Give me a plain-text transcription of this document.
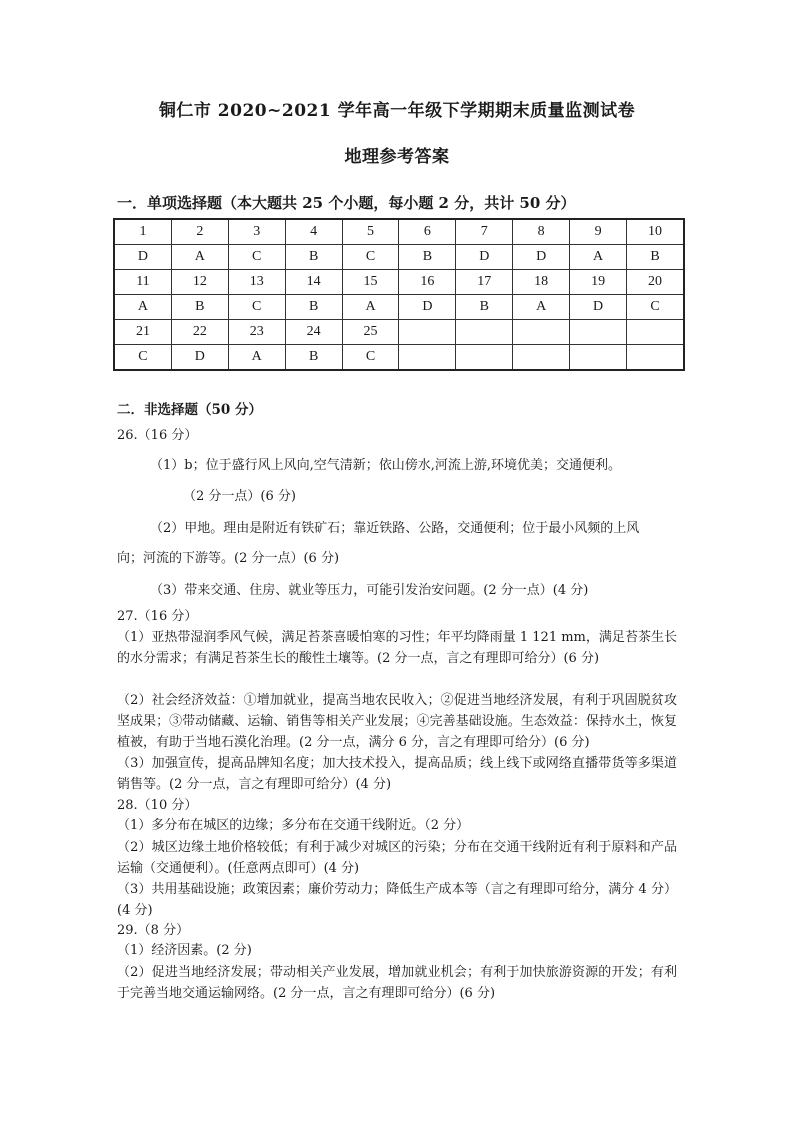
铜仁市 2020~2021 学年高一年级下学期期末质量监测试卷
地理参考答案
一．单项选择题（本大题共 25 个小题，每小题 2 分，共计 50 分）
1	2	3	4	5	6	7	8	9	10
D	A	C	B	C	B	D	D	A	B
11	12	13	14	15	16	17	18	19	20
A	B	C	B	A	D	B	A	D	C
21	22	23	24	25					
C	D	A	B	C					
二．非选择题（50 分）
26.（16 分）
（1）b；位于盛行风上风向,空气清新；依山傍水,河流上游,环境优美；交通便利。
（2 分一点）(6 分)
（2）甲地。理由是附近有铁矿石；靠近铁路、公路，交通便利；位于最小风频的上风
向；河流的下游等。(2 分一点）(6 分)
（3）带来交通、住房、就业等压力，可能引发治安问题。(2 分一点）(4 分)
27.（16 分）
（1）亚热带湿润季风气候，满足苔茶喜暖怕寒的习性；年平均降雨量 1 121 mm，满足苔茶生长的水分需求；有满足苔茶生长的酸性土壤等。(2 分一点，言之有理即可给分）(6 分)
（2）社会经济效益：①增加就业，提高当地农民收入；②促进当地经济发展，有利于巩固脱贫攻坚成果；③带动储藏、运输、销售等相关产业发展；④完善基础设施。生态效益：保持水土，恢复植被，有助于当地石漠化治理。(2 分一点，满分 6 分，言之有理即可给分）(6 分)
（3）加强宣传，提高品牌知名度；加大技术投入，提高品质；线上线下或网络直播带货等多渠道销售等。(2 分一点，言之有理即可给分）(4 分)
28.（10 分）
（1）多分布在城区的边缘；多分布在交通干线附近。（2 分）
（2）城区边缘土地价格较低；有利于减少对城区的污染；分布在交通干线附近有利于原料和产品运输（交通便利）。(任意两点即可）(4 分)
（3）共用基础设施；政策因素；廉价劳动力；降低生产成本等（言之有理即可给分，满分 4 分）(4 分)
29.（8 分）
（1）经济因素。(2 分)
（2）促进当地经济发展；带动相关产业发展，增加就业机会；有利于加快旅游资源的开发；有利于完善当地交通运输网络。(2 分一点，言之有理即可给分）(6 分)
